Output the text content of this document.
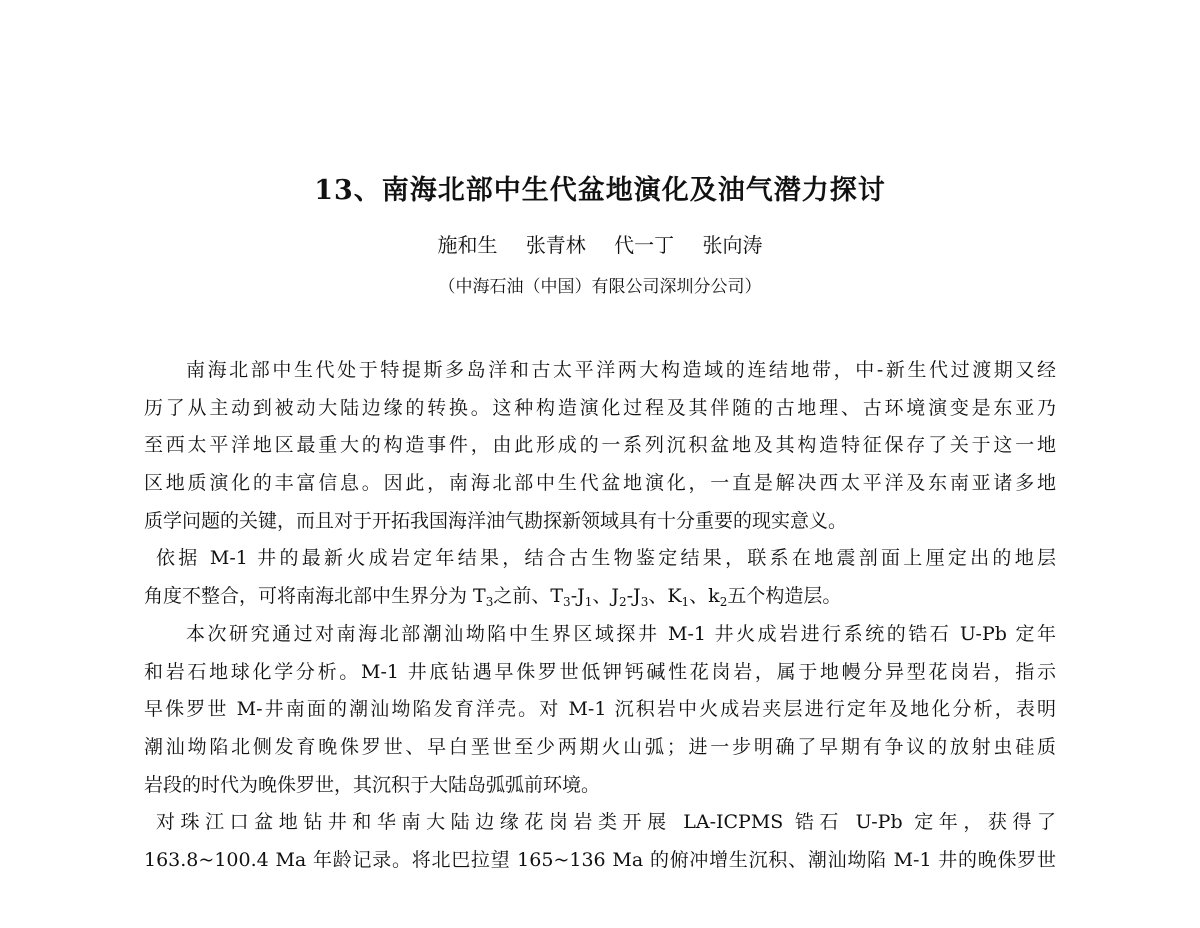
13、南海北部中生代盆地演化及油气潜力探讨
施和生 张青林 代一丁 张向涛
（中海石油（中国）有限公司深圳分公司）
南海北部中生代处于特提斯多岛洋和古太平洋两大构造域的连结地带，中-新生代过渡期又经
历了从主动到被动大陆边缘的转换。这种构造演化过程及其伴随的古地理、古环境演变是东亚乃
至西太平洋地区最重大的构造事件，由此形成的一系列沉积盆地及其构造特征保存了关于这一地
区地质演化的丰富信息。因此，南海北部中生代盆地演化，一直是解决西太平洋及东南亚诸多地
质学问题的关键，而且对于开拓我国海洋油气勘探新领域具有十分重要的现实意义。
依据 M-1 井的最新火成岩定年结果，结合古生物鉴定结果，联系在地震剖面上厘定出的地层
角度不整合，可将南海北部中生界分为 $T_3$之前、$T_3-J_1$、$J_2-J_3$、$K_1$、$k_2$五个构造层。
本次研究通过对南海北部潮汕坳陷中生界区域探井 M-1 井火成岩进行系统的锆石 U-Pb 定年
和岩石地球化学分析。M-1 井底钻遇早侏罗世低钾钙碱性花岗岩，属于地幔分异型花岗岩，指示
早侏罗世 M-井南面的潮汕坳陷发育洋壳。对 M-1 沉积岩中火成岩夹层进行定年及地化分析，表明
潮汕坳陷北侧发育晚侏罗世、早白垩世至少两期火山弧；进一步明确了早期有争议的放射虫硅质
岩段的时代为晚侏罗世，其沉积于大陆岛弧弧前环境。
对珠江口盆地钻井和华南大陆边缘花岗岩类开展 LA-ICPMS 锆石 U-Pb 定年，获得了
163.8~100.4 Ma 年龄记录。将北巴拉望 165~136 Ma 的俯冲增生沉积、潮汕坳陷 M-1 井的晚侏罗世
